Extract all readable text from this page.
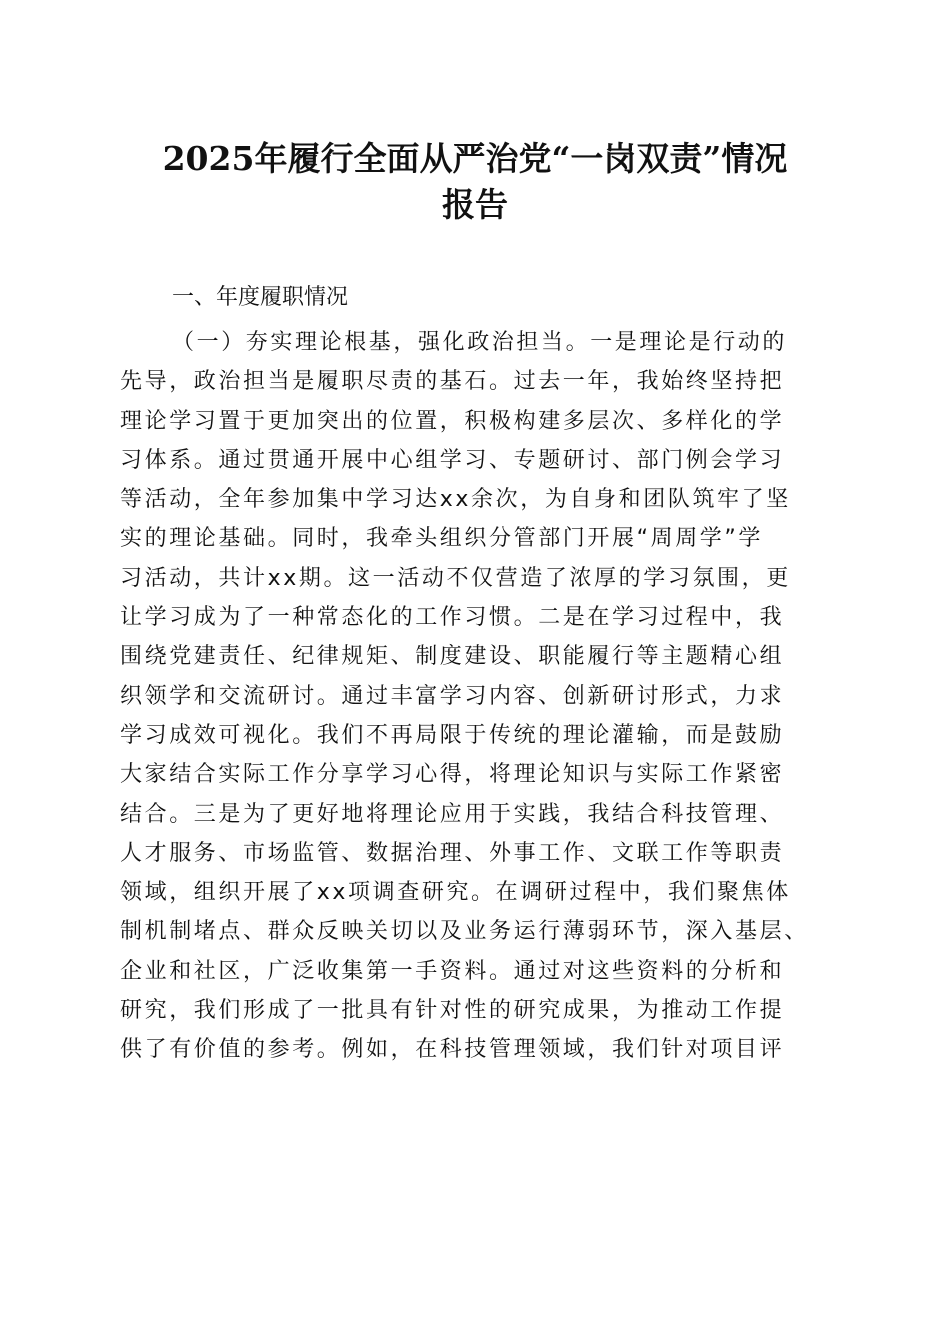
2025年履行全面从严治党“一岗双责”情况
报告
一、年度履职情况
（一）夯实理论根基，强化政治担当。一是理论是行动的
先导，政治担当是履职尽责的基石。过去一年，我始终坚持把
理论学习置于更加突出的位置，积极构建多层次、多样化的学
习体系。通过贯通开展中心组学习、专题研讨、部门例会学习
等活动，全年参加集中学习达xx余次，为自身和团队筑牢了坚
实的理论基础。同时，我牵头组织分管部门开展“周周学”学
习活动，共计xx期。这一活动不仅营造了浓厚的学习氛围，更
让学习成为了一种常态化的工作习惯。二是在学习过程中，我
围绕党建责任、纪律规矩、制度建设、职能履行等主题精心组
织领学和交流研讨。通过丰富学习内容、创新研讨形式，力求
学习成效可视化。我们不再局限于传统的理论灌输，而是鼓励
大家结合实际工作分享学习心得，将理论知识与实际工作紧密
结合。三是为了更好地将理论应用于实践，我结合科技管理、
人才服务、市场监管、数据治理、外事工作、文联工作等职责
领域，组织开展了xx项调查研究。在调研过程中，我们聚焦体
制机制堵点、群众反映关切以及业务运行薄弱环节，深入基层、
企业和社区，广泛收集第一手资料。通过对这些资料的分析和
研究，我们形成了一批具有针对性的研究成果，为推动工作提
供了有价值的参考。例如，在科技管理领域，我们针对项目评
